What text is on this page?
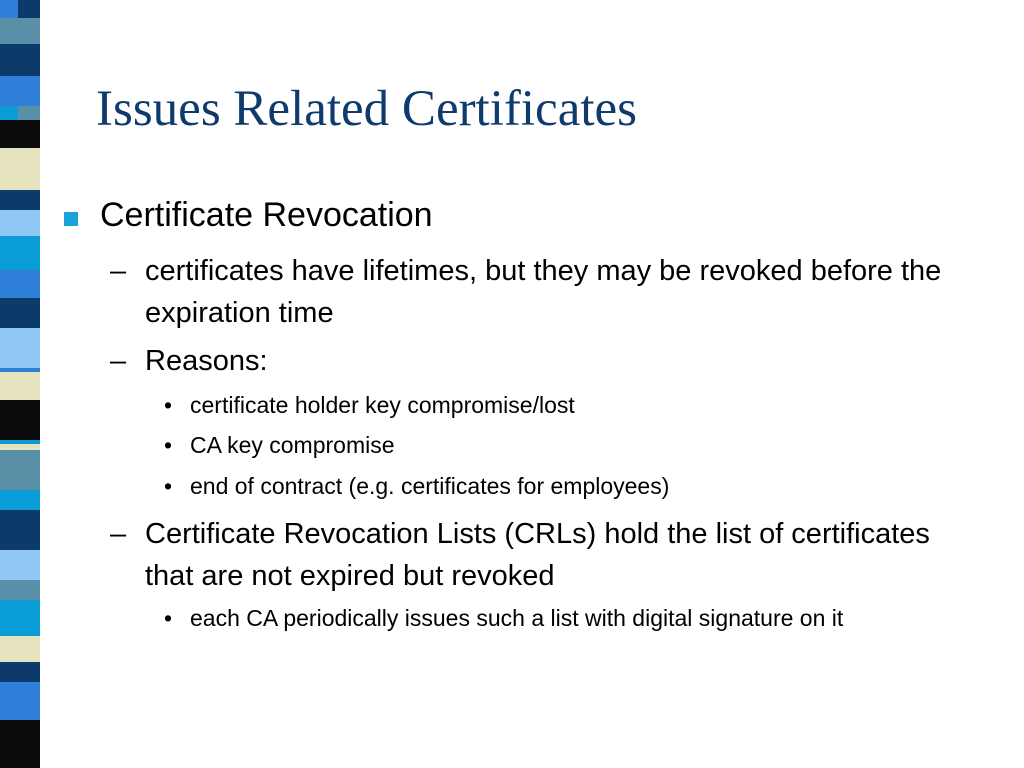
Issues Related Certificates
Certificate Revocation
– certificates have lifetimes, but they may be revoked before the expiration time
– Reasons:
• certificate holder key compromise/lost
• CA key compromise
• end of contract (e.g. certificates for employees)
– Certificate Revocation Lists (CRLs) hold the list of certificates that are not expired but revoked
• each CA periodically issues such a list with digital signature on it
